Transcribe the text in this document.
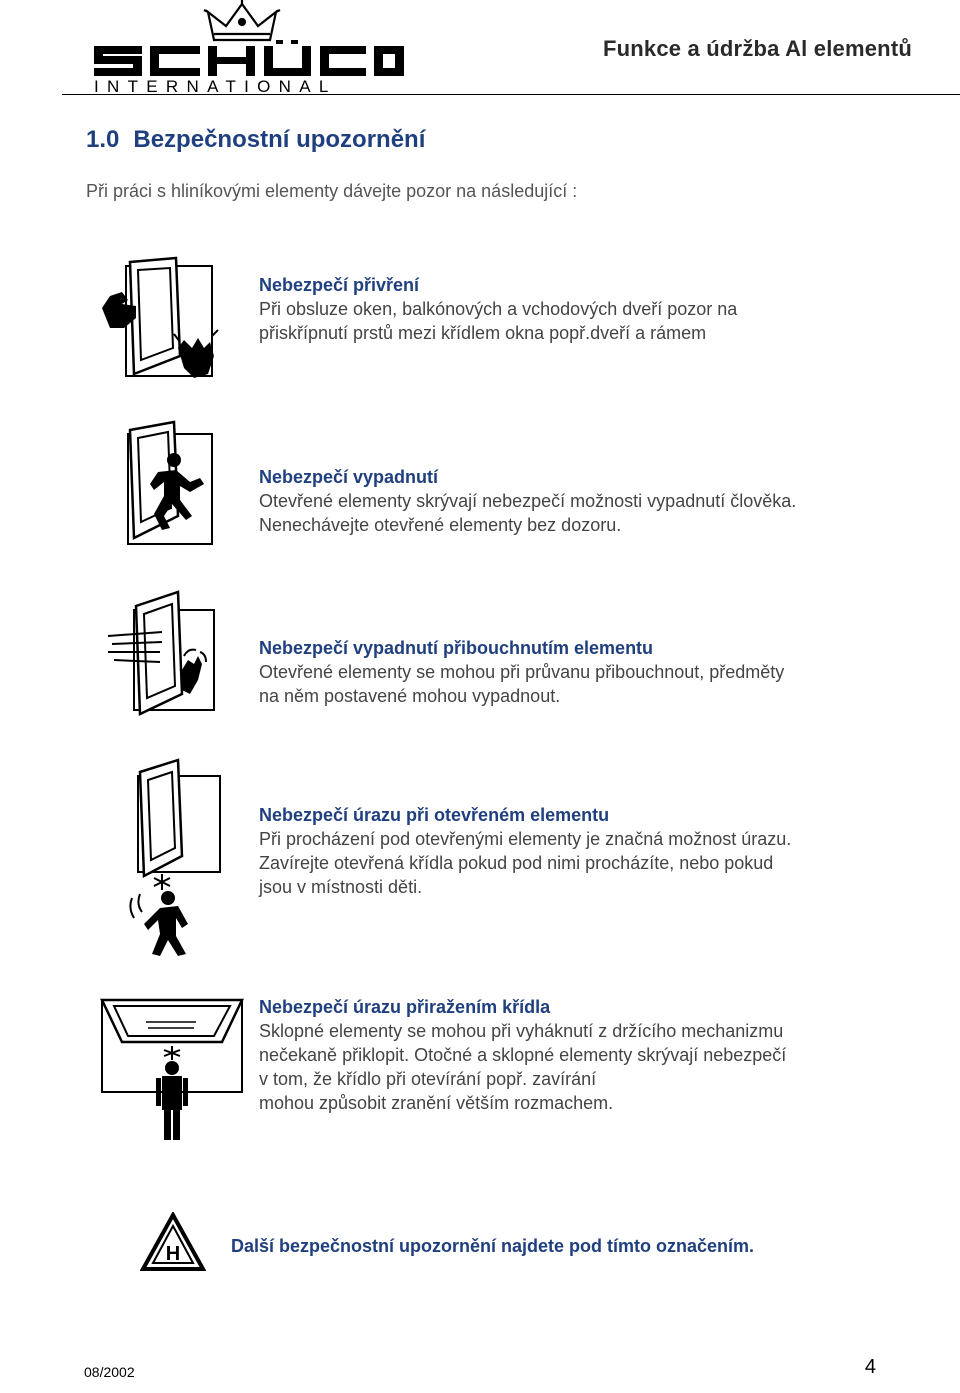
INTERNATIONAL
Funkce a údržba Al elementů
1.0 Bezpečnostní upozornění
Při práci s hliníkovými elementy dávejte pozor na následující :
Nebezpečí přivření
Při obsluze oken, balkónových a vchodových dveří pozor na
přiskřípnutí prstů mezi křídlem okna popř.dveří a rámem
Nebezpečí vypadnutí
Otevřené elementy skrývají nebezpečí možnosti vypadnutí člověka.
Nenechávejte otevřené elementy bez dozoru.
Nebezpečí vypadnutí přibouchnutím elementu
Otevřené elementy se mohou při průvanu přibouchnout, předměty
na něm postavené mohou vypadnout.
Nebezpečí úrazu při otevřeném elementu
Při procházení pod otevřenými elementy je značná možnost úrazu.
Zavírejte otevřená křídla pokud pod nimi procházíte, nebo pokud
jsou v místnosti děti.
Nebezpečí úrazu přiražením křídla
Sklopné elementy se mohou při vyháknutí z držícího mechanizmu
nečekaně přiklopit. Otočné a sklopné elementy skrývají nebezpečí
v tom, že křídlo při otevírání popř. zavírání
mohou způsobit zranění větším rozmachem.
H	Další bezpečnostní upozornění najdete pod tímto označením.
08/2002	4
